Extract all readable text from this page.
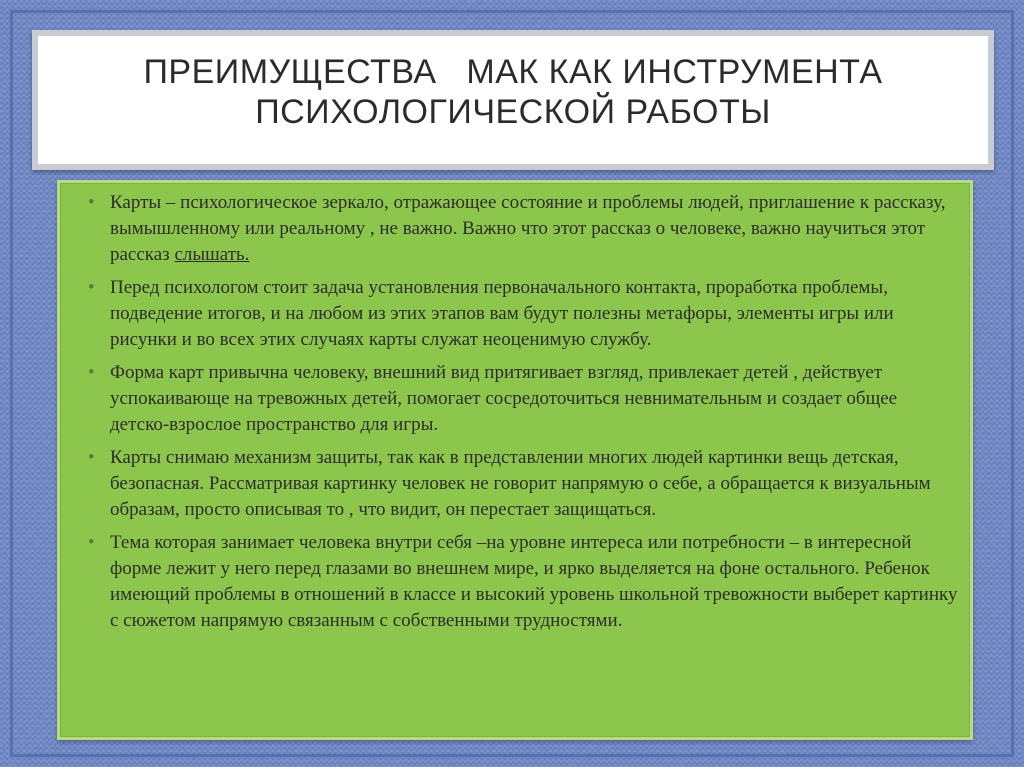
ПРЕИМУЩЕСТВА   МАК КАК ИНСТРУМЕНТА
ПСИХОЛОГИЧЕСКОЙ РАБОТЫ
• Карты – психологическое зеркало, отражающее состояние и проблемы людей, приглашение к рассказу, вымышленному или реальному , не важно. Важно что этот рассказ о человеке, важно научиться этот рассказ слышать.
• Перед психологом стоит задача установления первоначального контакта, проработка проблемы, подведение итогов, и на любом из этих этапов вам будут полезны метафоры, элементы игры или рисунки и во всех этих случаях карты служат неоценимую службу.
• Форма карт привычна человеку, внешний вид притягивает взгляд, привлекает детей , действует успокаивающе на тревожных детей, помогает сосредоточиться невнимательным и создает общее детско-взрослое пространство для игры.
• Карты снимаю механизм защиты, так как в представлении многих людей картинки вещь детская, безопасная. Рассматривая картинку человек не говорит напрямую о себе, а обращается к визуальным образам, просто описывая то , что видит, он перестает защищаться.
• Тема которая занимает человека внутри себя –на уровне интереса или потребности – в интересной форме лежит у него перед глазами во внешнем мире, и ярко выделяется на фоне остального. Ребенок имеющий проблемы в отношений в классе и высокий уровень школьной тревожности выберет картинку с сюжетом напрямую связанным с собственными трудностями.
